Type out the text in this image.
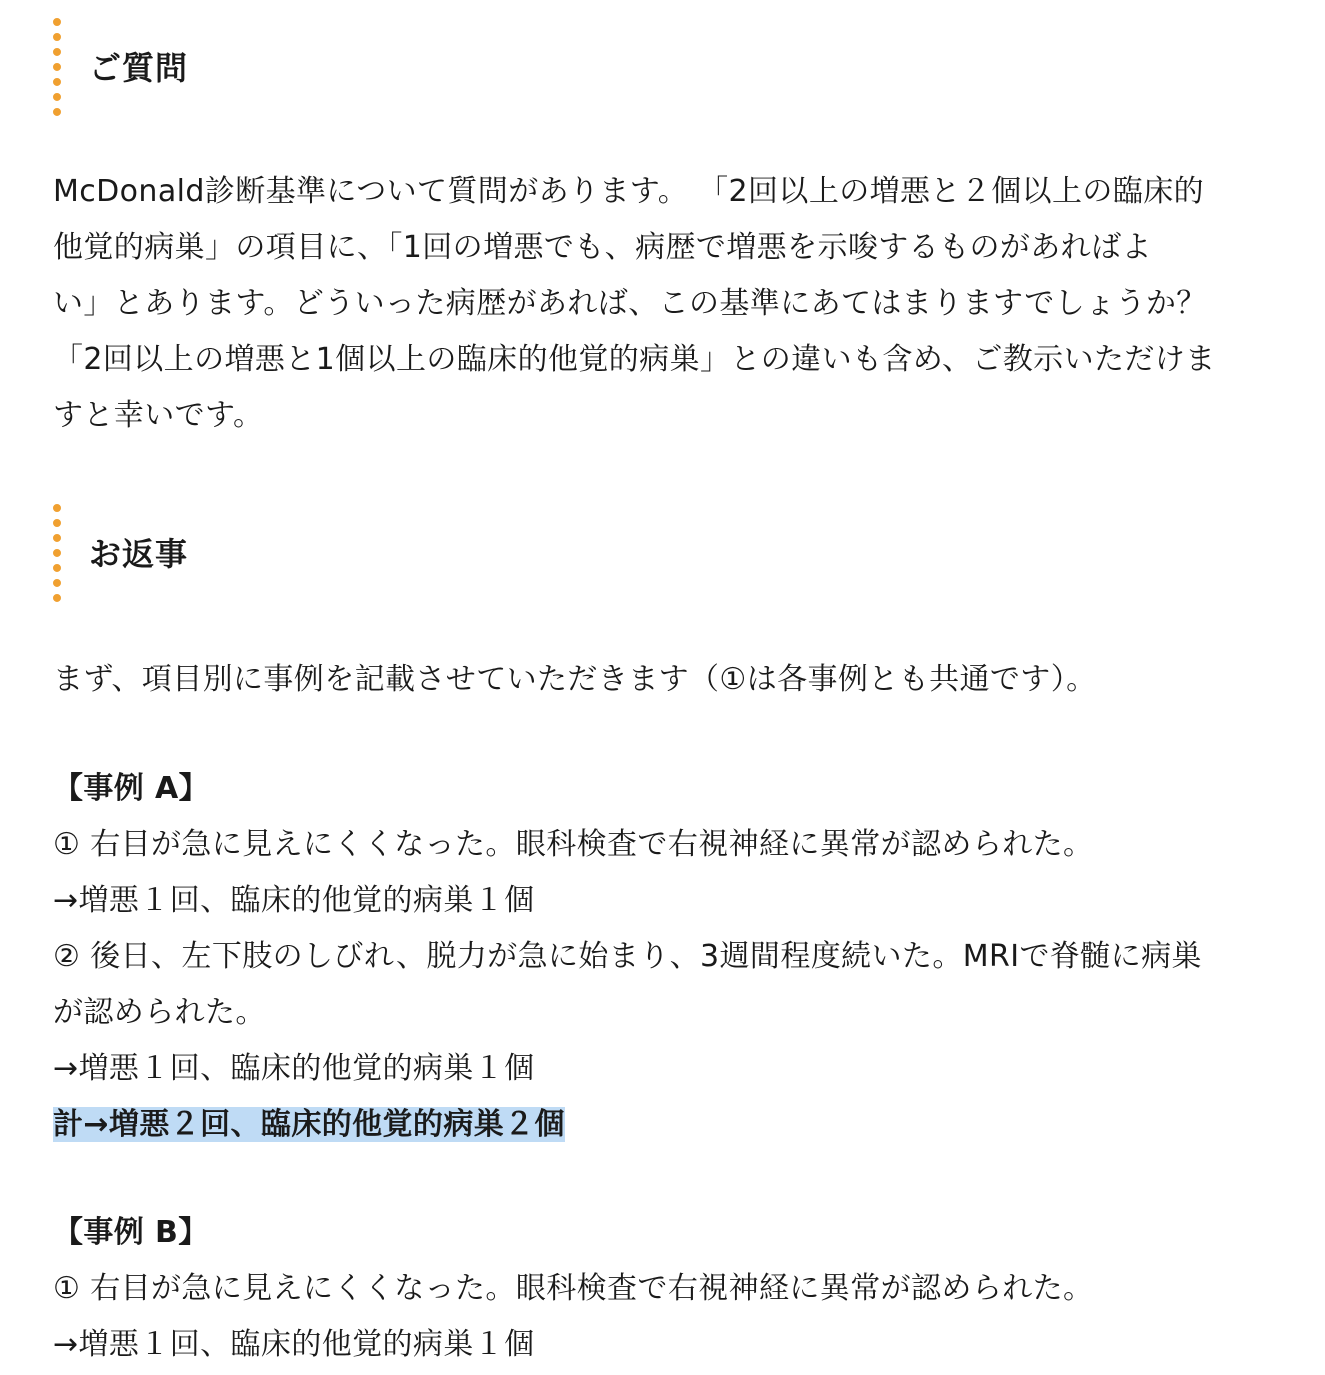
ご質問
McDonald診断基準について質問があります。 「2回以上の増悪と２個以上の臨床的
他覚的病巣」の項目に、「1回の増悪でも、病歴で増悪を示唆するものがあればよ
い」とあります。どういった病歴があれば、この基準にあてはまりますでしょうか？
「2回以上の増悪と1個以上の臨床的他覚的病巣」との違いも含め、ご教示いただけま
すと幸いです。
お返事
まず、項目別に事例を記載させていただきます（①は各事例とも共通です）。
【事例 A】
① 右目が急に見えにくくなった。眼科検査で右視神経に異常が認められた。
→増悪１回、臨床的他覚的病巣１個
② 後日、左下肢のしびれ、脱力が急に始まり、3週間程度続いた。MRIで脊髄に病巣
が認められた。
→増悪１回、臨床的他覚的病巣１個
計→増悪２回、臨床的他覚的病巣２個
【事例 B】
① 右目が急に見えにくくなった。眼科検査で右視神経に異常が認められた。
→増悪１回、臨床的他覚的病巣１個
